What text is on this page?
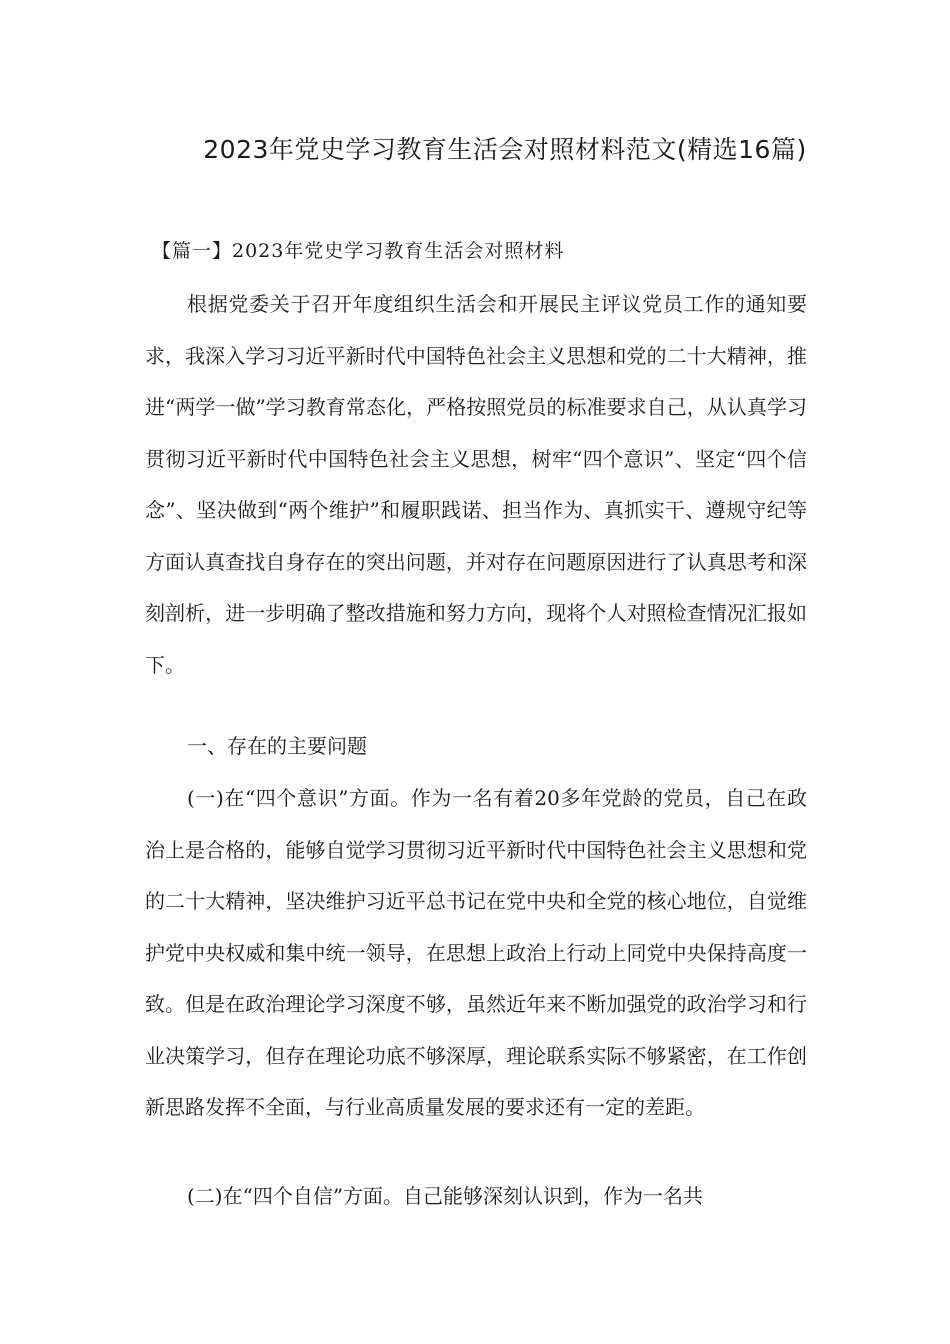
2023年党史学习教育生活会对照材料范文(精选16篇)
【篇一】2023年党史学习教育生活会对照材料

根据党委关于召开年度组织生活会和开展民主评议党员工作的通知要求，我深入学习习近平新时代中国特色社会主义思想和党的二十大精神，推进“两学一做”学习教育常态化，严格按照党员的标准要求自己，从认真学习贯彻习近平新时代中国特色社会主义思想，树牢“四个意识”、坚定“四个信念”、坚决做到“两个维护”和履职践诺、担当作为、真抓实干、遵规守纪等方面认真查找自身存在的突出问题，并对存在问题原因进行了认真思考和深刻剖析，进一步明确了整改措施和努力方向，现将个人对照检查情况汇报如下。

一、存在的主要问题

(一)在“四个意识”方面。作为一名有着20多年党龄的党员，自己在政治上是合格的，能够自觉学习贯彻习近平新时代中国特色社会主义思想和党的二十大精神，坚决维护习近平总书记在党中央和全党的核心地位，自觉维护党中央权威和集中统一领导，在思想上政治上行动上同党中央保持高度一致。但是在政治理论学习深度不够，虽然近年来不断加强党的政治学习和行业决策学习，但存在理论功底不够深厚，理论联系实际不够紧密，在工作创新思路发挥不全面，与行业高质量发展的要求还有一定的差距。

(二)在“四个自信”方面。自己能够深刻认识到，作为一名共
